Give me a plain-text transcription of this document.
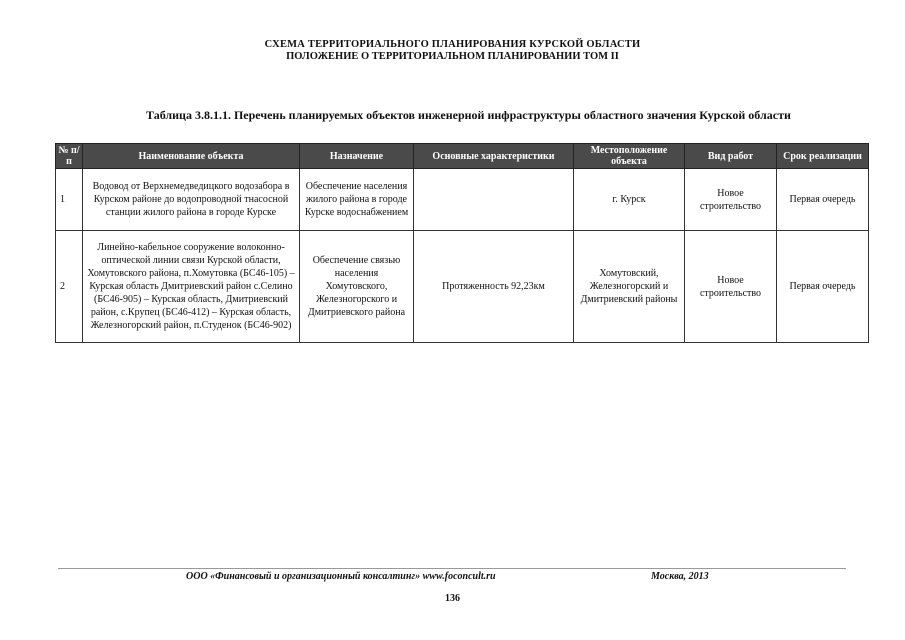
СХЕМА ТЕРРИТОРИАЛЬНОГО ПЛАНИРОВАНИЯ КУРСКОЙ ОБЛАСТИ
ПОЛОЖЕНИЕ О ТЕРРИТОРИАЛЬНОМ ПЛАНИРОВАНИИ ТОМ II
Таблица 3.8.1.1. Перечень планируемых объектов инженерной инфраструктуры областного значения Курской области
№ п/п	Наименование объекта	Назначение	Основные характеристики	Местоположение объекта	Вид работ	Срок реализации
1	Водовод от Верхнемедведицкого водозабора в Курском районе до водопроводной тнасосной станции жилого района в городе Курске	Обеспечение населения жилого района в городе Курске водоснабжением		г. Курск	Новое строительство	Первая очередь
2	Линейно-кабельное сооружение волоконно-оптической линии связи Курской области, Хомутовского района, п.Хомутовка (БС46-105) – Курская область Дмитриевский район с.Селино (БС46-905) – Курская область, Дмитриевский район, с.Крупец (БС46-412) – Курская область, Железногорский район, п.Студенок (БС46-902)	Обеспечение связью населения Хомутовского, Железногорского и Дмитриевского района	Протяженность 92,23км	Хомутовский, Железногорский и Дмитриевский районы	Новое строительство	Первая очередь
ООО «Финансовый и организационный консалтинг» www.foconcult.ru	Москва, 2013
136
